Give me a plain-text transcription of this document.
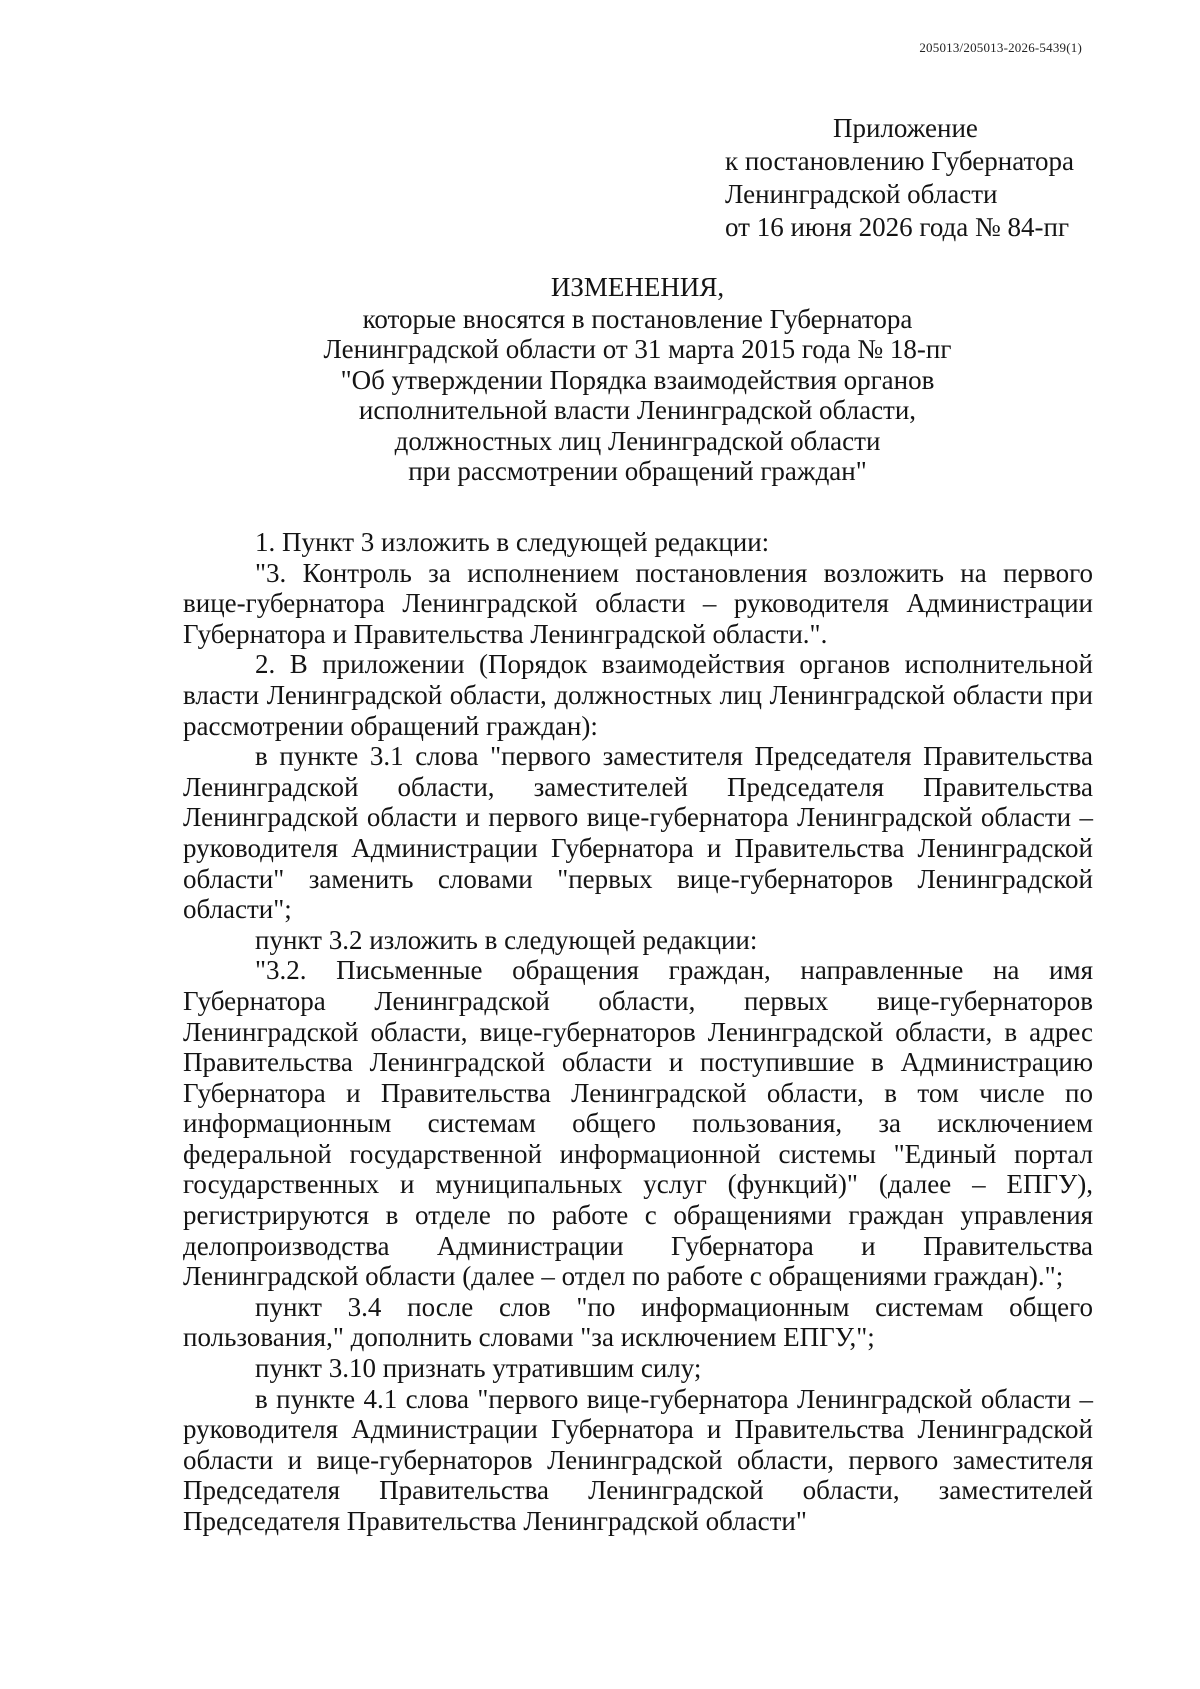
205013/205013-2026-5439(1)
Приложение
к постановлению Губернатора
Ленинградской области
от 16 июня 2026 года № 84-пг
ИЗМЕНЕНИЯ,
которые вносятся в постановление Губернатора
Ленинградской области от 31 марта 2015 года № 18-пг
"Об утверждении Порядка взаимодействия органов
исполнительной власти Ленинградской области,
должностных лиц Ленинградской области
при рассмотрении обращений граждан"

1. Пункт 3 изложить в следующей редакции:

"3. Контроль за исполнением постановления возложить на первого вице-губернатора Ленинградской области – руководителя Администрации Губернатора и Правительства Ленинградской области.".

2. В приложении (Порядок взаимодействия органов исполнительной власти Ленинградской области, должностных лиц Ленинградской области при рассмотрении обращений граждан):

в пункте 3.1 слова "первого заместителя Председателя Правительства Ленинградской области, заместителей Председателя Правительства Ленинградской области и первого вице-губернатора Ленинградской области – руководителя Администрации Губернатора и Правительства Ленинградской области" заменить словами "первых вице-губернаторов Ленинградской области";

пункт 3.2 изложить в следующей редакции:

"3.2. Письменные обращения граждан, направленные на имя Губернатора Ленинградской области, первых вице-губернаторов Ленинградской области, вице-губернаторов Ленинградской области, в адрес Правительства Ленинградской области и поступившие в Администрацию Губернатора и Правительства Ленинградской области, в том числе по информационным системам общего пользования, за исключением федеральной государственной информационной системы "Единый портал государственных и муниципальных услуг (функций)" (далее – ЕПГУ), регистрируются в отделе по работе с обращениями граждан управления делопроизводства Администрации Губернатора и Правительства Ленинградской области (далее – отдел по работе с обращениями граждан).";

пункт 3.4 после слов "по информационным системам общего пользования," дополнить словами "за исключением ЕПГУ,";

пункт 3.10 признать утратившим силу;

в пункте 4.1 слова "первого вице-губернатора Ленинградской области – руководителя Администрации Губернатора и Правительства Ленинградской области и вице-губернаторов Ленинградской области, первого заместителя Председателя Правительства Ленинградской области, заместителей Председателя Правительства Ленинградской области"
